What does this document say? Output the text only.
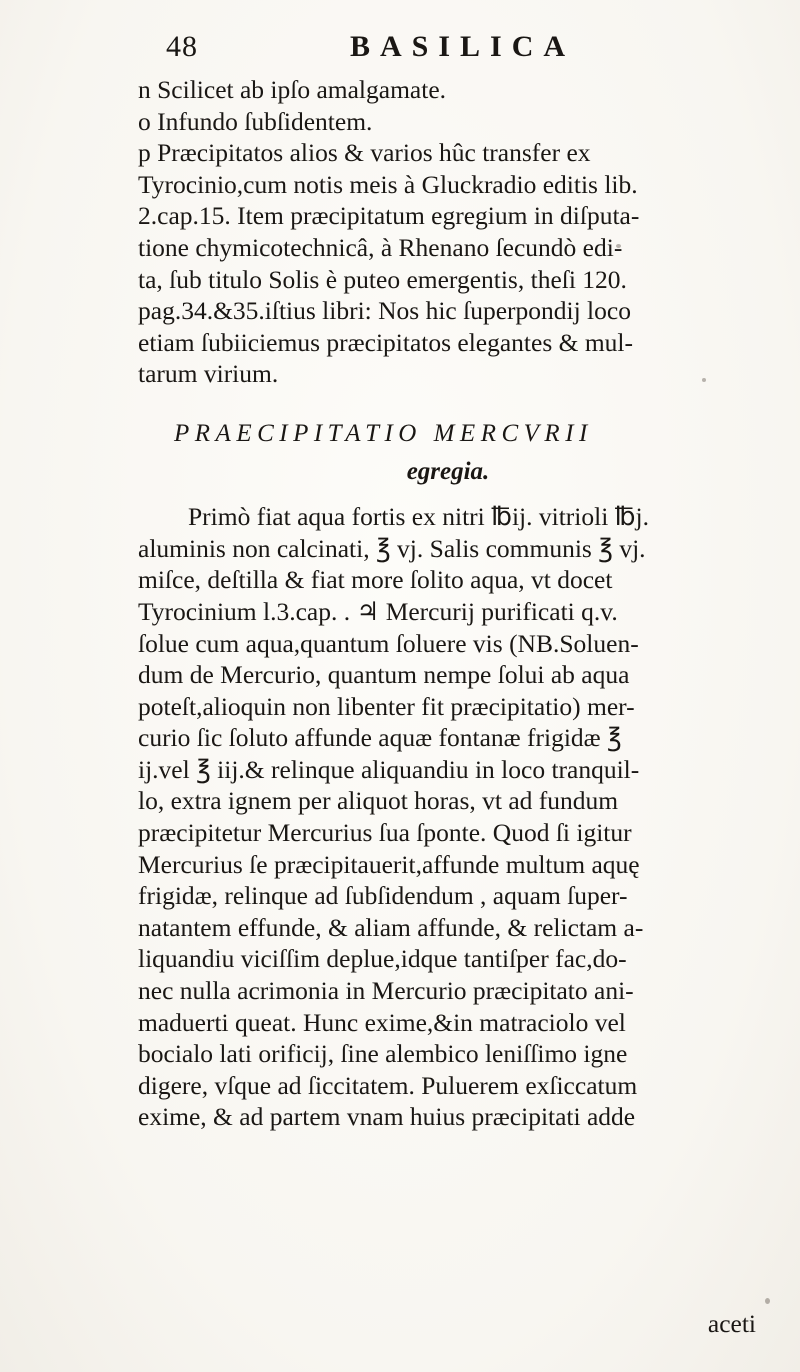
48	BASILICA
n Scilicet ab ipſo amalgamate.
o Infundo ſubſidentem.
p Præcipitatos alios & varios hûc transfer ex
Tyrocinio,cum notis meis à Gluckradio editis lib.
2.cap.15. Item præcipitatum egregium in diſputa-
tione chymicotechnicâ, à Rhenano ſecundò edi-
ta, ſub titulo Solis è puteo emergentis, theſi 120.
pag.34.&35.iſtius libri: Nos hic ſuperpondij loco
etiam ſubiiciemus præcipitatos elegantes & mul-
tarum virium.
PRAECIPITATIO MERCVRII
egregia.
Primò fiat aqua fortis ex nitri ℔ij. vitrioli ℔j.
aluminis non calcinati, ℥ vj. Salis communis ℥ vj.
miſce, deſtilla & fiat more ſolito aqua, vt docet
Tyrocinium l.3.cap. . ♃ Mercurij purificati q.v.
ſolue cum aqua,quantum ſoluere vis (NB.Soluen-
dum de Mercurio, quantum nempe ſolui ab aqua
poteſt,alioquin non libenter fit præcipitatio) mer-
curio ſic ſoluto affunde aquæ fontanæ frigidæ ℥
ij.vel ℥ iij.& relinque aliquandiu in loco tranquil-
lo, extra ignem per aliquot horas, vt ad fundum
præcipitetur Mercurius ſua ſponte. Quod ſi igitur
Mercurius ſe præcipitauerit,affunde multum aquę
frigidæ, relinque ad ſubſidendum , aquam ſuper-
natantem effunde, & aliam affunde, & relictam a-
liquandiu viciſſim deplue,idque tantiſper fac,do-
nec nulla acrimonia in Mercurio præcipitato ani-
maduerti queat. Hunc exime,&in matraciolo vel
bocialo lati orificij, ſine alembico leniſſimo igne
digere, vſque ad ſiccitatem. Puluerem exſiccatum
exime, & ad partem vnam huius præcipitati adde
aceti
